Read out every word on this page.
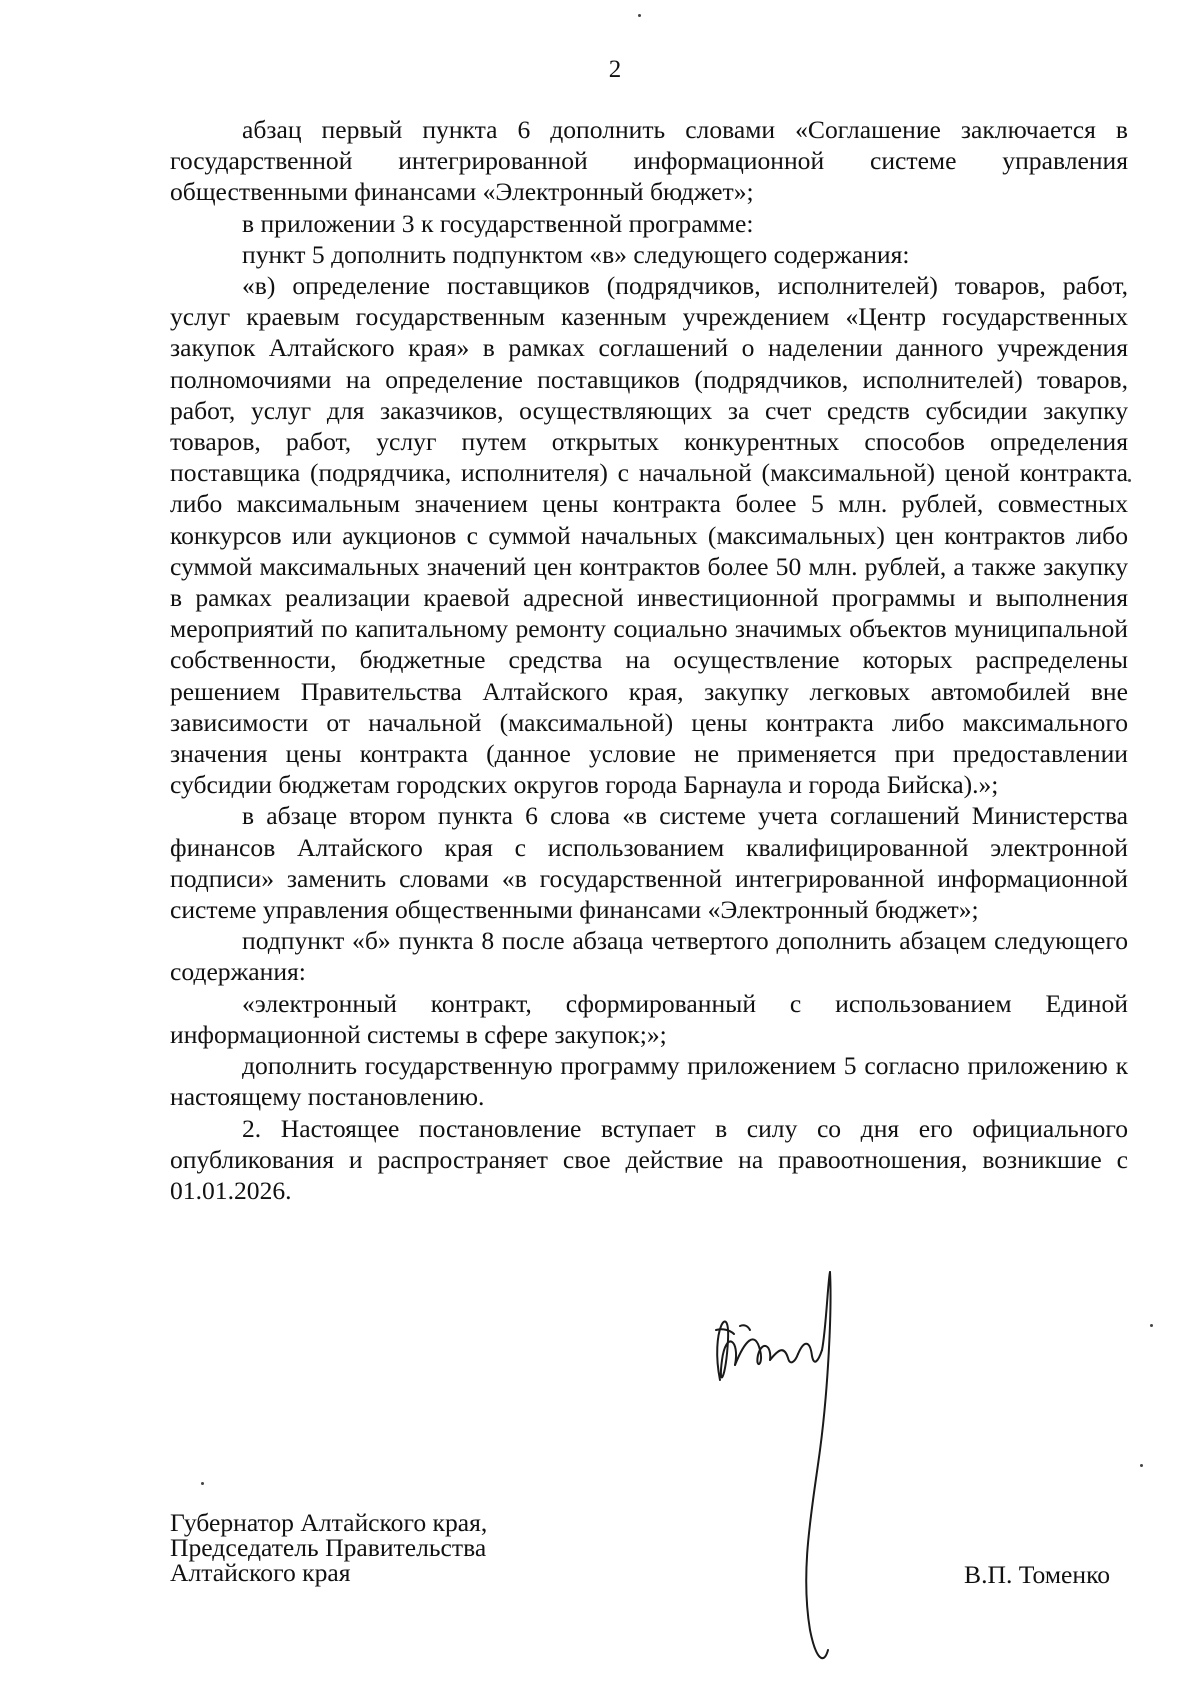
2

абзац первый пункта 6 дополнить словами «Соглашение заключается в государственной интегрированной информационной системе управления общественными финансами «Электронный бюджет»;

в приложении 3 к государственной программе:

пункт 5 дополнить подпунктом «в» следующего содержания:

«в) определение поставщиков (подрядчиков, исполнителей) товаров, работ, услуг краевым государственным казенным учреждением «Центр государственных закупок Алтайского края» в рамках соглашений о наделении данного учреждения полномочиями на определение поставщиков (подрядчиков, исполнителей) товаров, работ, услуг для заказчиков, осуществляющих за счет средств субсидии закупку товаров, работ, услуг путем открытых конкурентных способов определения поставщика (подрядчика, исполнителя) с начальной (максимальной) ценой контракта либо максимальным значением цены контракта более 5 млн. рублей, совместных конкурсов или аукционов с суммой начальных (максимальных) цен контрактов либо суммой максимальных значений цен контрактов более 50 млн. рублей, а также закупку в рамках реализации краевой адресной инвестиционной программы и выполнения мероприятий по капитальному ремонту социально значимых объектов муниципальной собственности, бюджетные средства на осуществление которых распределены решением Правительства Алтайского края, закупку легковых автомобилей вне зависимости от начальной (максимальной) цены контракта либо максимального значения цены контракта (данное условие не применяется при предоставлении субсидии бюджетам городских округов города Барнаула и города Бийска).»;

в абзаце втором пункта 6 слова «в системе учета соглашений Министерства финансов Алтайского края с использованием квалифицированной электронной подписи» заменить словами «в государственной интегрированной информационной системе управления общественными финансами «Электронный бюджет»;

подпункт «б» пункта 8 после абзаца четвертого дополнить абзацем следующего содержания:

«электронный контракт, сформированный с использованием Единой информационной системы в сфере закупок;»;

дополнить государственную программу приложением 5 согласно приложению к настоящему постановлению.

2. Настоящее постановление вступает в силу со дня его официального опубликования и распространяет свое действие на правоотношения, возникшие с 01.01.2026.

Губернатор Алтайского края,
Председатель Правительства
Алтайского края	В.П. Томенко
